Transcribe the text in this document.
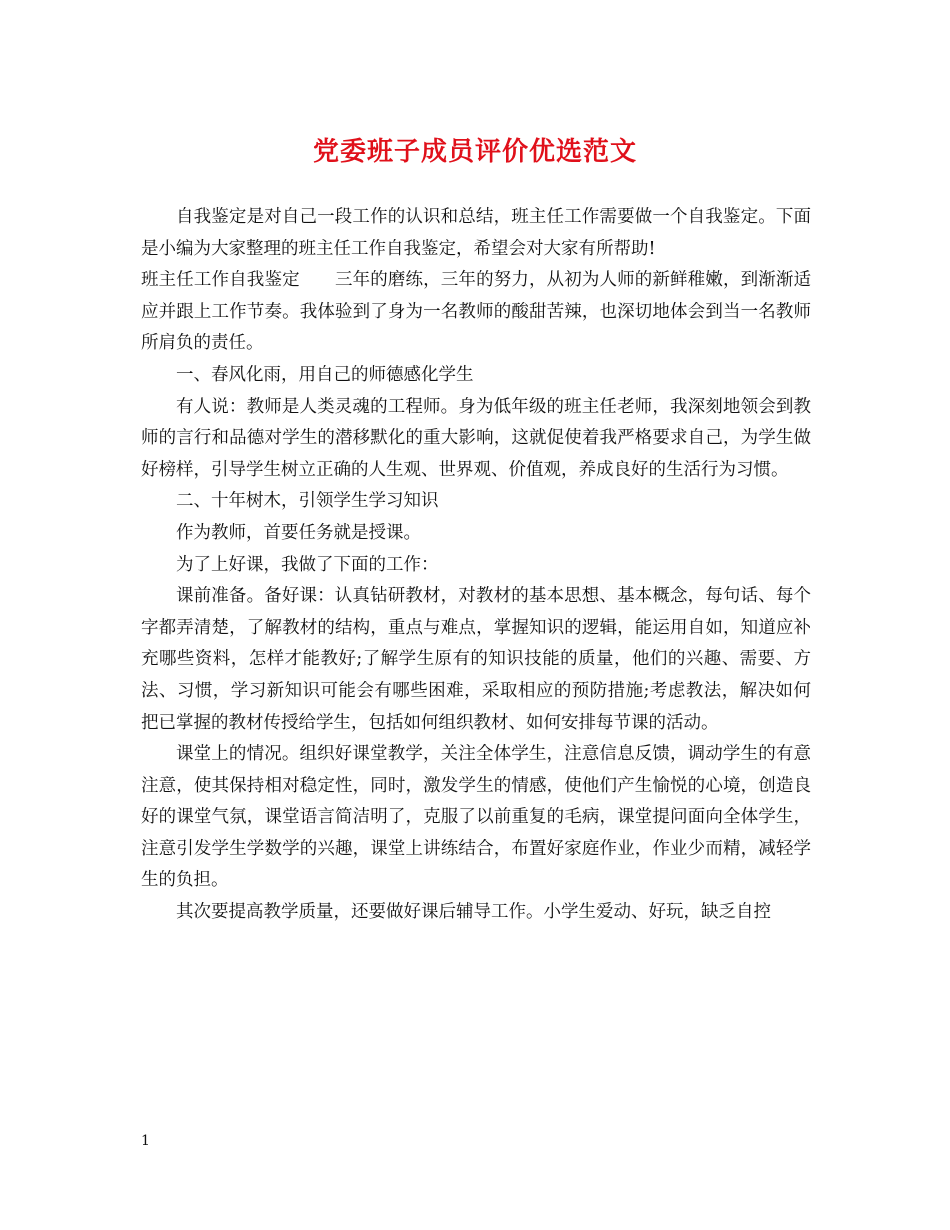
党委班子成员评价优选范文

自我鉴定是对自己一段工作的认识和总结，班主任工作需要做一个自我鉴定。下面是小编为大家整理的班主任工作自我鉴定，希望会对大家有所帮助!

班主任工作自我鉴定　　三年的磨练，三年的努力，从初为人师的新鲜稚嫩，到渐渐适应并跟上工作节奏。我体验到了身为一名教师的酸甜苦辣，也深切地体会到当一名教师所肩负的责任。

一、春风化雨，用自己的师德感化学生

有人说：教师是人类灵魂的工程师。身为低年级的班主任老师，我深刻地领会到教师的言行和品德对学生的潜移默化的重大影响，这就促使着我严格要求自己，为学生做好榜样，引导学生树立正确的人生观、世界观、价值观，养成良好的生活行为习惯。

二、十年树木，引领学生学习知识

作为教师，首要任务就是授课。

为了上好课，我做了下面的工作：

课前准备。备好课：认真钻研教材，对教材的基本思想、基本概念，每句话、每个字都弄清楚，了解教材的结构，重点与难点，掌握知识的逻辑，能运用自如，知道应补充哪些资料，怎样才能教好;了解学生原有的知识技能的质量，他们的兴趣、需要、方法、习惯，学习新知识可能会有哪些困难，采取相应的预防措施;考虑教法，解决如何把已掌握的教材传授给学生，包括如何组织教材、如何安排每节课的活动。

课堂上的情况。组织好课堂教学，关注全体学生，注意信息反馈，调动学生的有意注意，使其保持相对稳定性，同时，激发学生的情感，使他们产生愉悦的心境，创造良好的课堂气氛，课堂语言简洁明了，克服了以前重复的毛病，课堂提问面向全体学生，注意引发学生学数学的兴趣，课堂上讲练结合，布置好家庭作业，作业少而精，减轻学生的负担。

其次要提高教学质量，还要做好课后辅导工作。小学生爱动、好玩，缺乏自控

1
